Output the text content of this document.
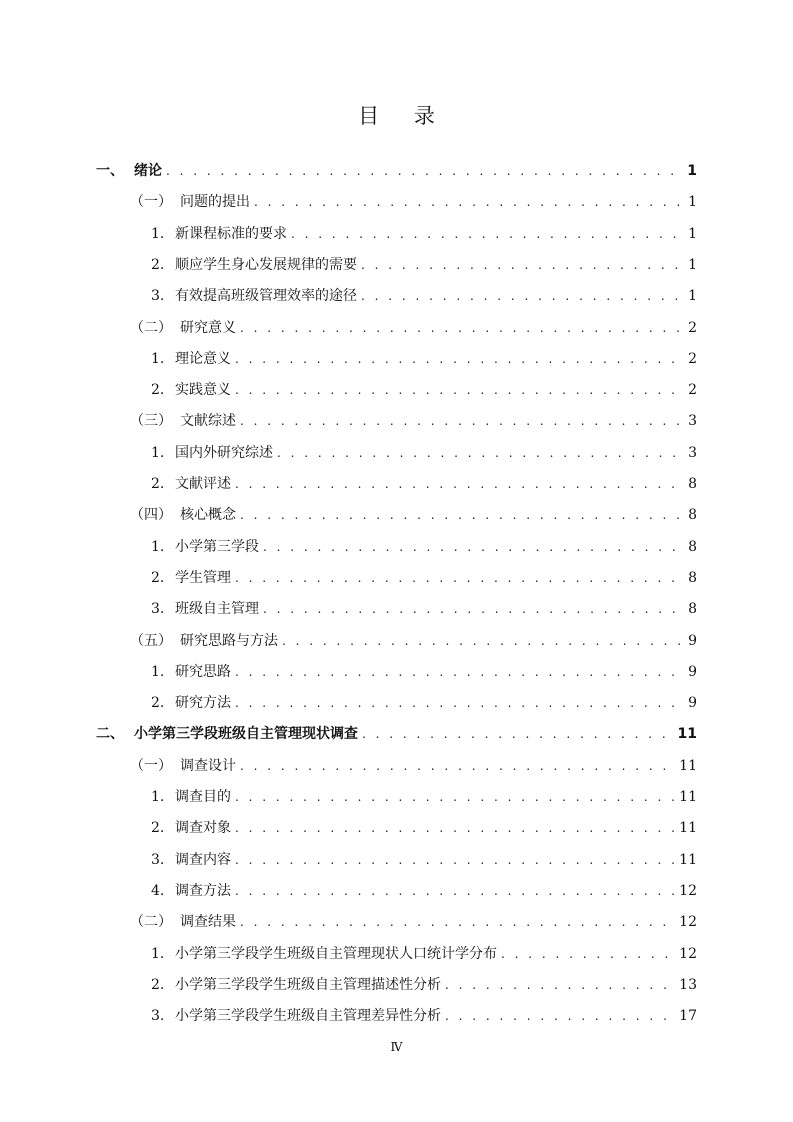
目 录
一、 绪论 . . .	1
（一） 问题的提出 . . .	1
1. 新课程标准的要求 . . .	1
2. 顺应学生身心发展规律的需要 . . .	1
3. 有效提高班级管理效率的途径 . . .	1
（二） 研究意义 . . .	2
1. 理论意义 . . .	2
2. 实践意义 . . .	2
（三） 文献综述 . . .	3
1. 国内外研究综述 . . .	3
2. 文献评述 . . .	8
（四） 核心概念 . . .	8
1. 小学第三学段 . . .	8
2. 学生管理 . . .	8
3. 班级自主管理 . . .	8
（五） 研究思路与方法 . . .	9
1. 研究思路 . . .	9
2. 研究方法 . . .	9
二、 小学第三学段班级自主管理现状调查 . . .	11
（一） 调查设计 . . .	11
1. 调查目的 . . .	11
2. 调查对象 . . .	11
3. 调查内容 . . .	11
4. 调查方法 . . .	12
（二） 调查结果 . . .	12
1. 小学第三学段学生班级自主管理现状人口统计学分布 . . .	12
2. 小学第三学段学生班级自主管理描述性分析 . . .	13
3. 小学第三学段学生班级自主管理差异性分析 . . .	17
Ⅳ
